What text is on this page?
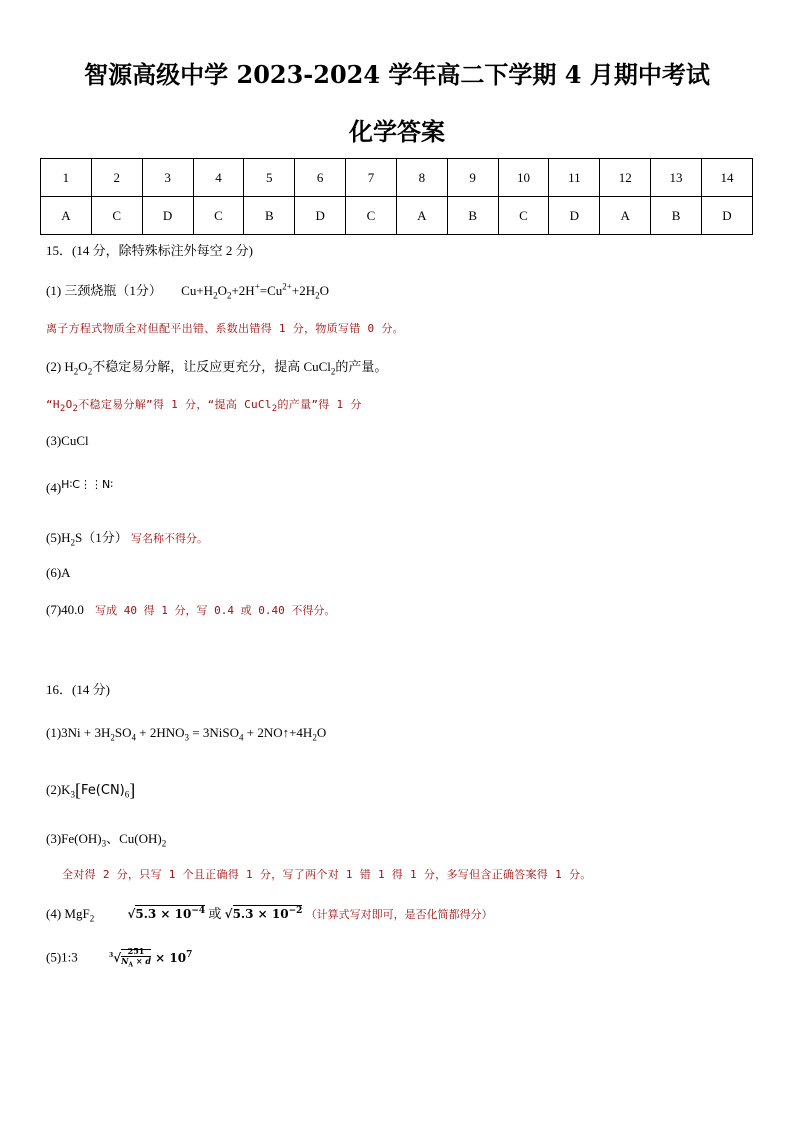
智源高级中学 2023-2024 学年高二下学期 4 月期中考试
化学答案
1	2	3	4	5	6	7	8	9	10	11	12	13	14
A	C	D	C	B	D	C	A	B	C	D	A	B	D
15．(14 分，除特殊标注外每空 2 分)
(1) 三颈烧瓶（1分） $Cu+H_2O_2+2H^+=Cu^{2+}+2H_2O$
离子方程式物质全对但配平出错、系数出错得 1 分，物质写错 0 分。
(2) $H_2O_2$不稳定易分解，让反应更充分，提高 CuCl$_2$的产量。
“$H_2O_2$不稳定易分解”得 1 分，“提高 CuCl$_2$的产量”得 1 分
(3)CuCl
$(4)^{H∶C⋮⋮N∶}$
$(5)H_2S(1$分） 写名称不得分。
(6)A
(7)40.0 写成 40 得 1 分，写 0.4 或 0.40 不得分。
16．(14 分)
$(1)3Ni + 3H_2SO_4 + 2HNO_3$ = 3NiSO$_4$ + $2NO↑+4H_2O$
$(2)K_3[Fe(CN)_6]$
$(3)Fe(OH)_3$、$Cu(OH)_2$
全对得 2 分，只写 1 个且正确得 1 分，写了两个对 1 错 1 得 1 分，多写但含正确答案得 1 分。
(4) MgF$_2$	$√5.3 \times 10^{-4}$ 或 $√5.3 \times 10^{-2}$ （计算式写对即可，是否化简都得分）
(5)1:3	$^3√ \frac{251}{N_A \times d} \times 10^7$
